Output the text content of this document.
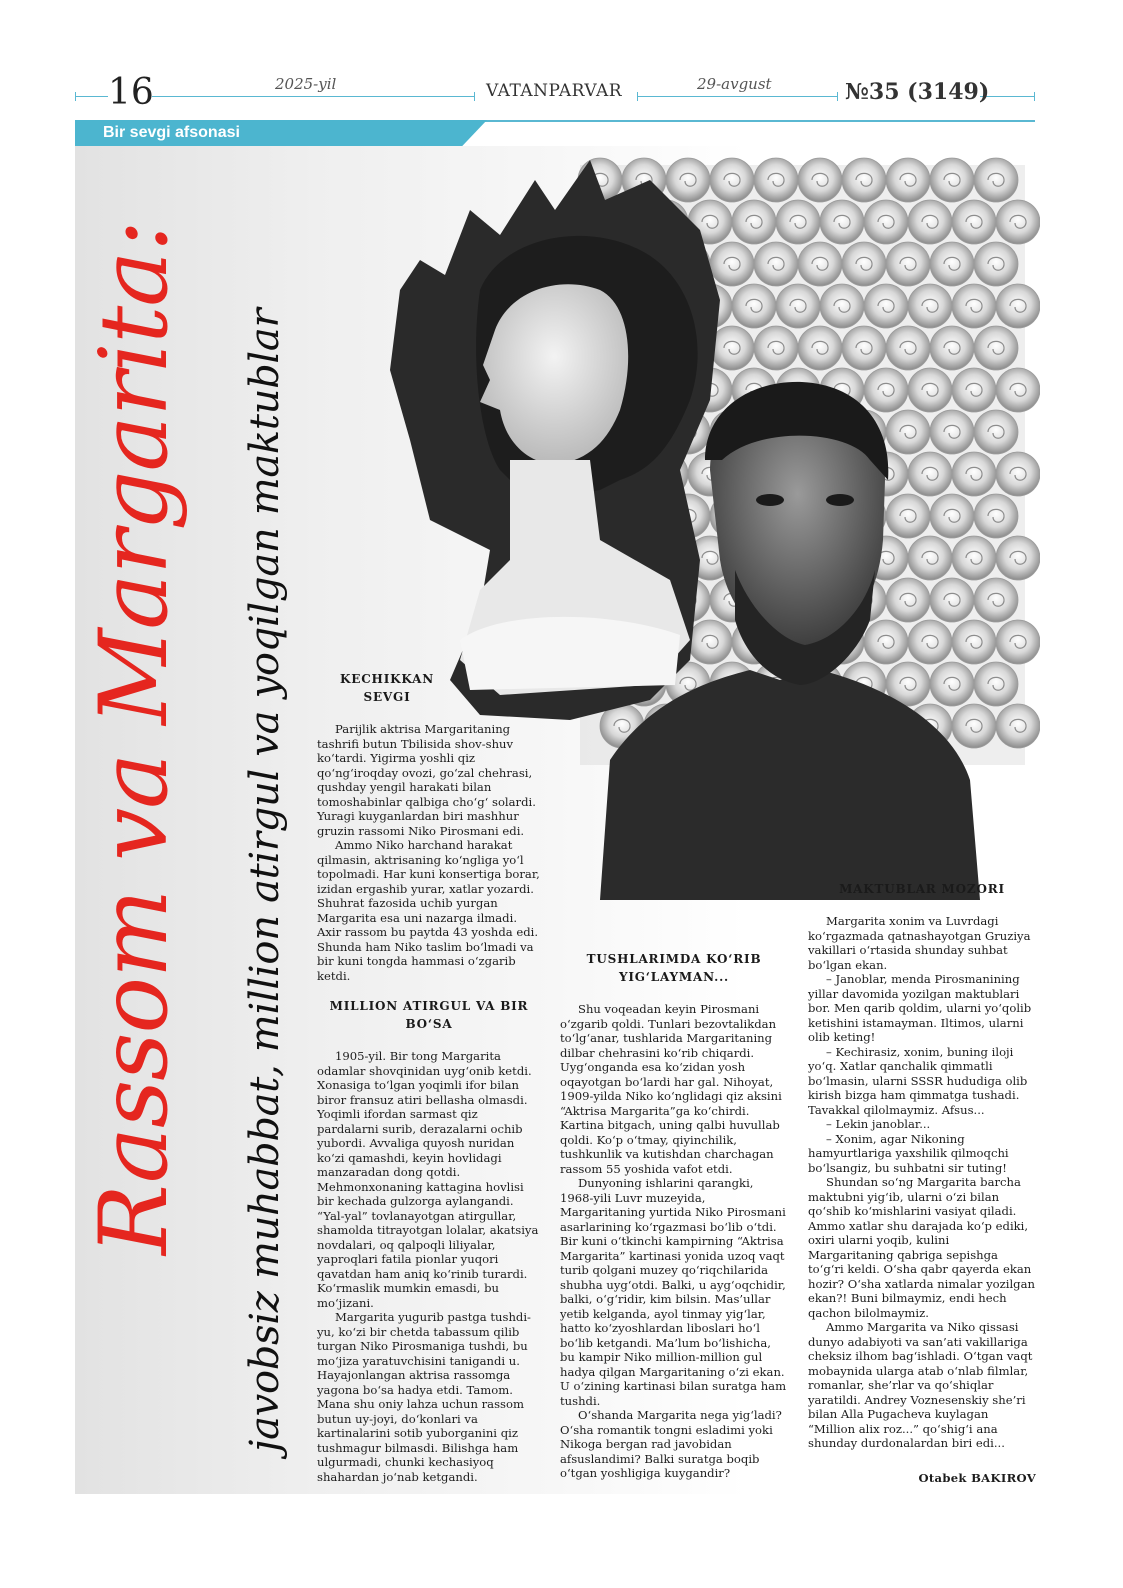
16	2025-yil	VATANPARVAR	29-avgust	№35 (3149)
Bir sevgi afsonasi
Rassom va Margarita: javobsiz muhabbat, million atirgul va yoqilgan maktublar	KECHIKKAN SEVGI

Parijlik aktrisa Margaritaning tashrifi butun Tbilisida shov-shuv ko‘tardi. Yigirma yoshli qiz qo‘ng‘iroqday ovozi, go‘zal chehrasi, qushday yengil harakati bilan tomoshabinlar qalbiga cho‘g‘ solardi. Yuragi kuyganlardan biri mashhur gruzin rassomi Niko Pirosmani edi.

Ammo Niko harchand harakat qilmasin, aktrisaning ko‘ngliga yo‘l topolmadi. Har kuni konsertiga borar, izidan ergashib yurar, xatlar yozardi. Shuhrat fazosida uchib yurgan Margarita esa uni nazarga ilmadi. Axir rassom bu paytda 43 yoshda edi. Shunda ham Niko taslim bo‘lmadi va bir kuni tongda hammasi o‘zgarib ketdi.

MILLION ATIRGUL VA BIR BO‘SA

1905-yil. Bir tong Margarita odamlar shovqinidan uyg‘onib ketdi. Xonasiga to‘lgan yoqimli ifor bilan biror fransuz atiri bellasha olmasdi. Yoqimli ifordan sarmast qiz pardalarni surib, derazalarni ochib yubordi. Avvaliga quyosh nuridan ko‘zi qamashdi, keyin hovlidagi manzaradan dong qotdi. Mehmonxonaning kattagina hovlisi bir kechada gulzorga aylangandi. “Yal-yal” tovlanayotgan atirgullar, shamolda titrayotgan lolalar, akatsiya novdalari, oq qalpoqli liliyalar, yaproqlari fatila pionlar yuqori qavatdan ham aniq ko‘rinib turardi. Ko‘rmaslik mumkin emasdi, bu mo‘jizani.

Margarita yugurib pastga tushdi-yu, ko‘zi bir chetda tabassum qilib turgan Niko Pirosmaniga tushdi, bu mo‘jiza yaratuvchisini tanigandi u. Hayajonlangan aktrisa rassomga yagona bo‘sa hadya etdi. Tamom. Mana shu oniy lahza uchun rassom butun uy-joyi, do‘konlari va kartinalarini sotib yuborganini qiz tushmagur bilmasdi. Bilishga ham ulgurmadi, chunki kechasiyoq shahardan jo‘nab ketgandi.

TUSHLARIMDA KO‘RIB YIG‘LAYMAN...

Shu voqeadan keyin Pirosmani o‘zgarib qoldi. Tunlari bezovtalikdan to‘lg‘anar, tushlarida Margaritaning dilbar chehrasini ko‘rib chiqardi. Uyg‘onganda esa ko‘zidan yosh oqayotgan bo‘lardi har gal. Nihoyat, 1909-yilda Niko ko‘nglidagi qiz aksini “Aktrisa Margarita”ga ko‘chirdi. Kartina bitgach, uning qalbi huvullab qoldi. Ko‘p o‘tmay, qiyinchilik, tushkunlik va kutishdan charchagan rassom 55 yoshida vafot etdi.

Dunyoning ishlarini qarangki, 1968-yili Luvr muzeyida, Margaritaning yurtida Niko Pirosmani asarlarining ko‘rgazmasi bo‘lib o‘tdi. Bir kuni o‘tkinchi kampirning “Aktrisa Margarita” kartinasi yonida uzoq vaqt turib qolgani muzey qo‘riqchilarida shubha uyg‘otdi. Balki, u ayg‘oqchidir, balki, o‘g‘ridir, kim bilsin. Mas’ullar yetib kelganda, ayol tinmay yig‘lar, hatto ko‘zyoshlardan liboslari ho‘l bo‘lib ketgandi. Ma’lum bo‘lishicha, bu kampir Niko million-million gul hadya qilgan Margaritaning o‘zi ekan. U o‘zining kartinasi bilan suratga ham tushdi.

O‘shanda Margarita nega yig‘ladi? O‘sha romantik tongni esladimi yoki Nikoga bergan rad javobidan afsuslandimi? Balki suratga boqib o‘tgan yoshligiga kuygandir?

MAKTUBLAR MOZORI

Margarita xonim va Luvrdagi ko‘rgazmada qatnashayotgan Gruziya vakillari o‘rtasida shunday suhbat bo‘lgan ekan.

– Janoblar, menda Pirosmanining yillar davomida yozilgan maktublari bor. Men qarib qoldim, ularni yo‘qolib ketishini istamayman. Iltimos, ularni olib keting!

– Kechirasiz, xonim, buning iloji yo‘q. Xatlar qanchalik qimmatli bo‘lmasin, ularni SSSR hududiga olib kirish bizga ham qimmatga tushadi. Tavakkal qilolmaymiz. Afsus...

– Lekin janoblar...

– Xonim, agar Nikoning hamyurtlariga yaxshilik qilmoqchi bo‘lsangiz, bu suhbatni sir tuting!

Shundan so‘ng Margarita barcha maktubni yig‘ib, ularni o‘zi bilan qo‘shib ko‘mishlarini vasiyat qiladi. Ammo xatlar shu darajada ko‘p ediki, oxiri ularni yoqib, kulini Margaritaning qabriga sepishga to‘g‘ri keldi. O‘sha qabr qayerda ekan hozir? O‘sha xatlarda nimalar yozilgan ekan?! Buni bilmaymiz, endi hech qachon bilolmaymiz.

Ammo Margarita va Niko qissasi dunyo adabiyoti va san’ati vakillariga cheksiz ilhom bag‘ishladi. O‘tgan vaqt mobaynida ularga atab o‘nlab filmlar, romanlar, she’rlar va qo‘shiqlar yaratildi. Andrey Voznesenskiy she’ri bilan Alla Pugacheva kuylagan “Million alix roz...” qo‘shig‘i ana shunday durdonalardan biri edi...

Otabek BAKIROV
